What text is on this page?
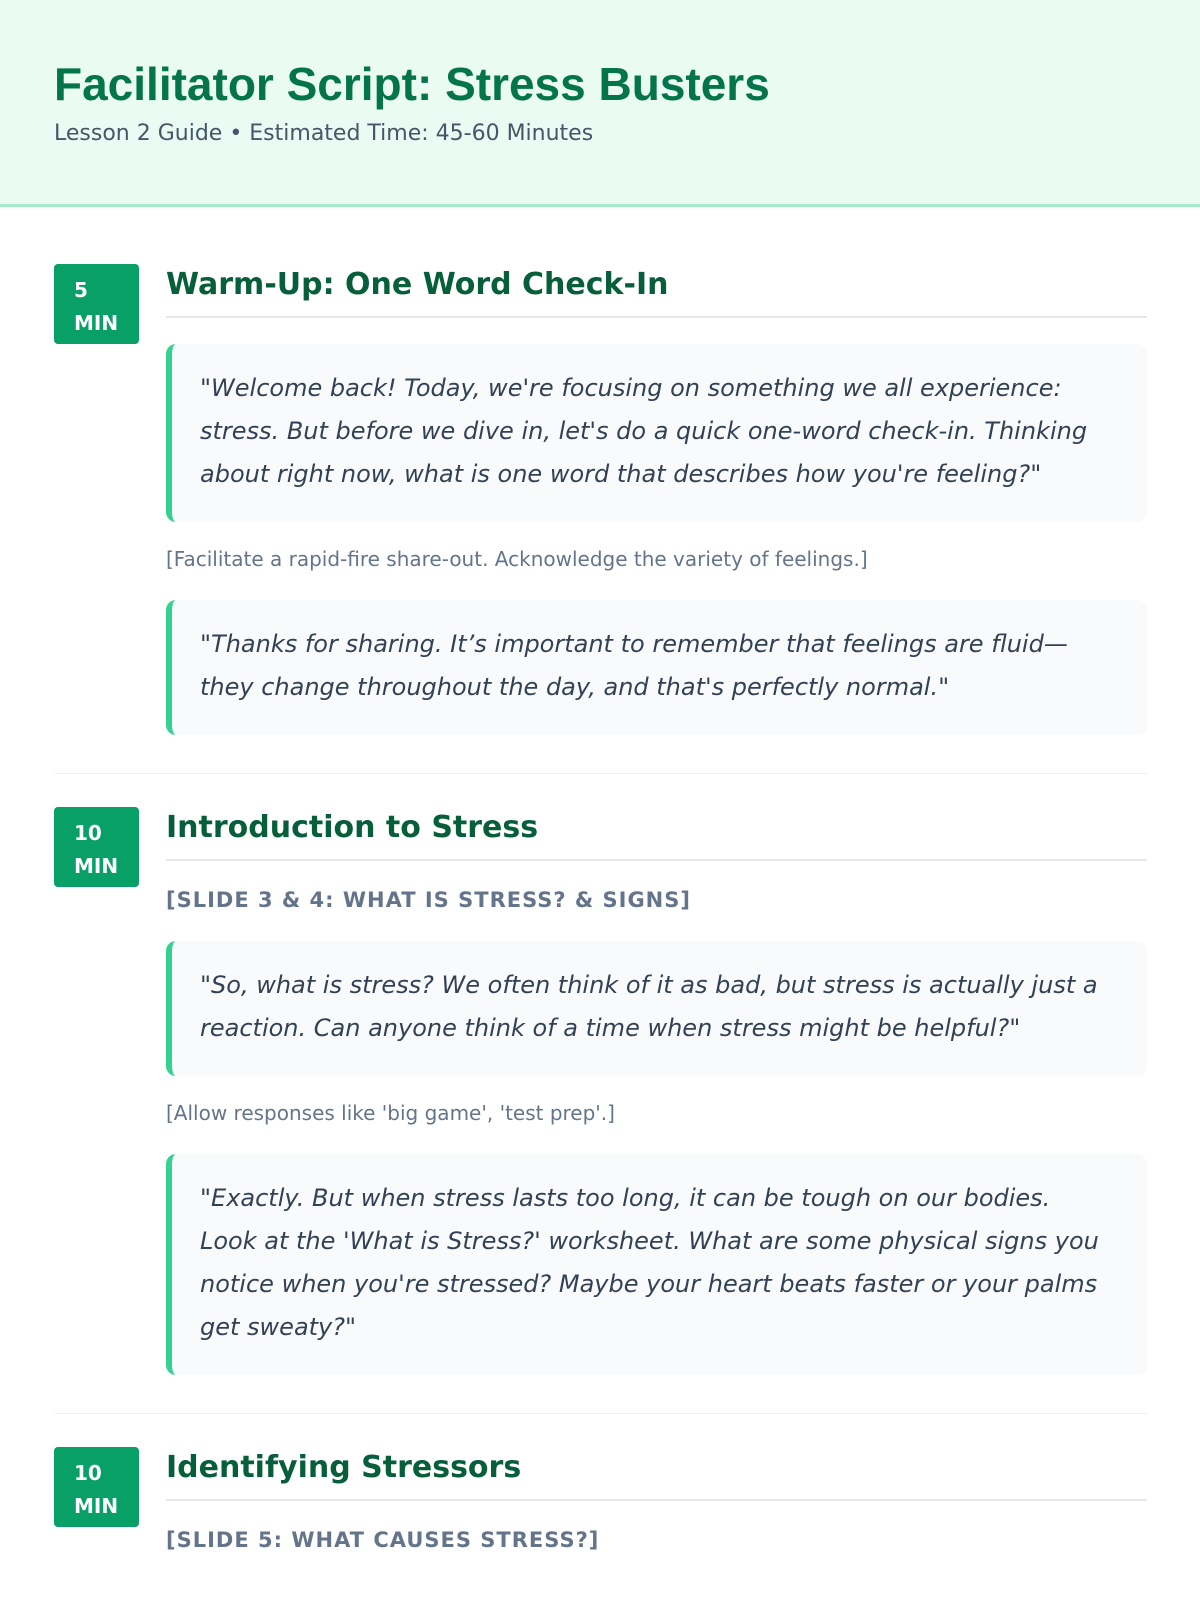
Facilitator Script: Stress Busters
Lesson 2 Guide • Estimated Time: 45-60 Minutes
5
MIN
Warm-Up: One Word Check-In
"Welcome back! Today, we're focusing on something we all experience: stress. But before we dive in, let's do a quick one-word check-in. Thinking about right now, what is one word that describes how you're feeling?"
[Facilitate a rapid-fire share-out. Acknowledge the variety of feelings.]
"Thanks for sharing. It’s important to remember that feelings are fluid—they change throughout the day, and that's perfectly normal."
10
MIN
Introduction to Stress
[SLIDE 3 & 4: WHAT IS STRESS? & SIGNS]
"So, what is stress? We often think of it as bad, but stress is actually just a reaction. Can anyone think of a time when stress might be helpful?"
[Allow responses like 'big game', 'test prep'.]
"Exactly. But when stress lasts too long, it can be tough on our bodies. Look at the 'What is Stress?' worksheet. What are some physical signs you notice when you're stressed? Maybe your heart beats faster or your palms get sweaty?"
10
MIN
Identifying Stressors
[SLIDE 5: WHAT CAUSES STRESS?]
